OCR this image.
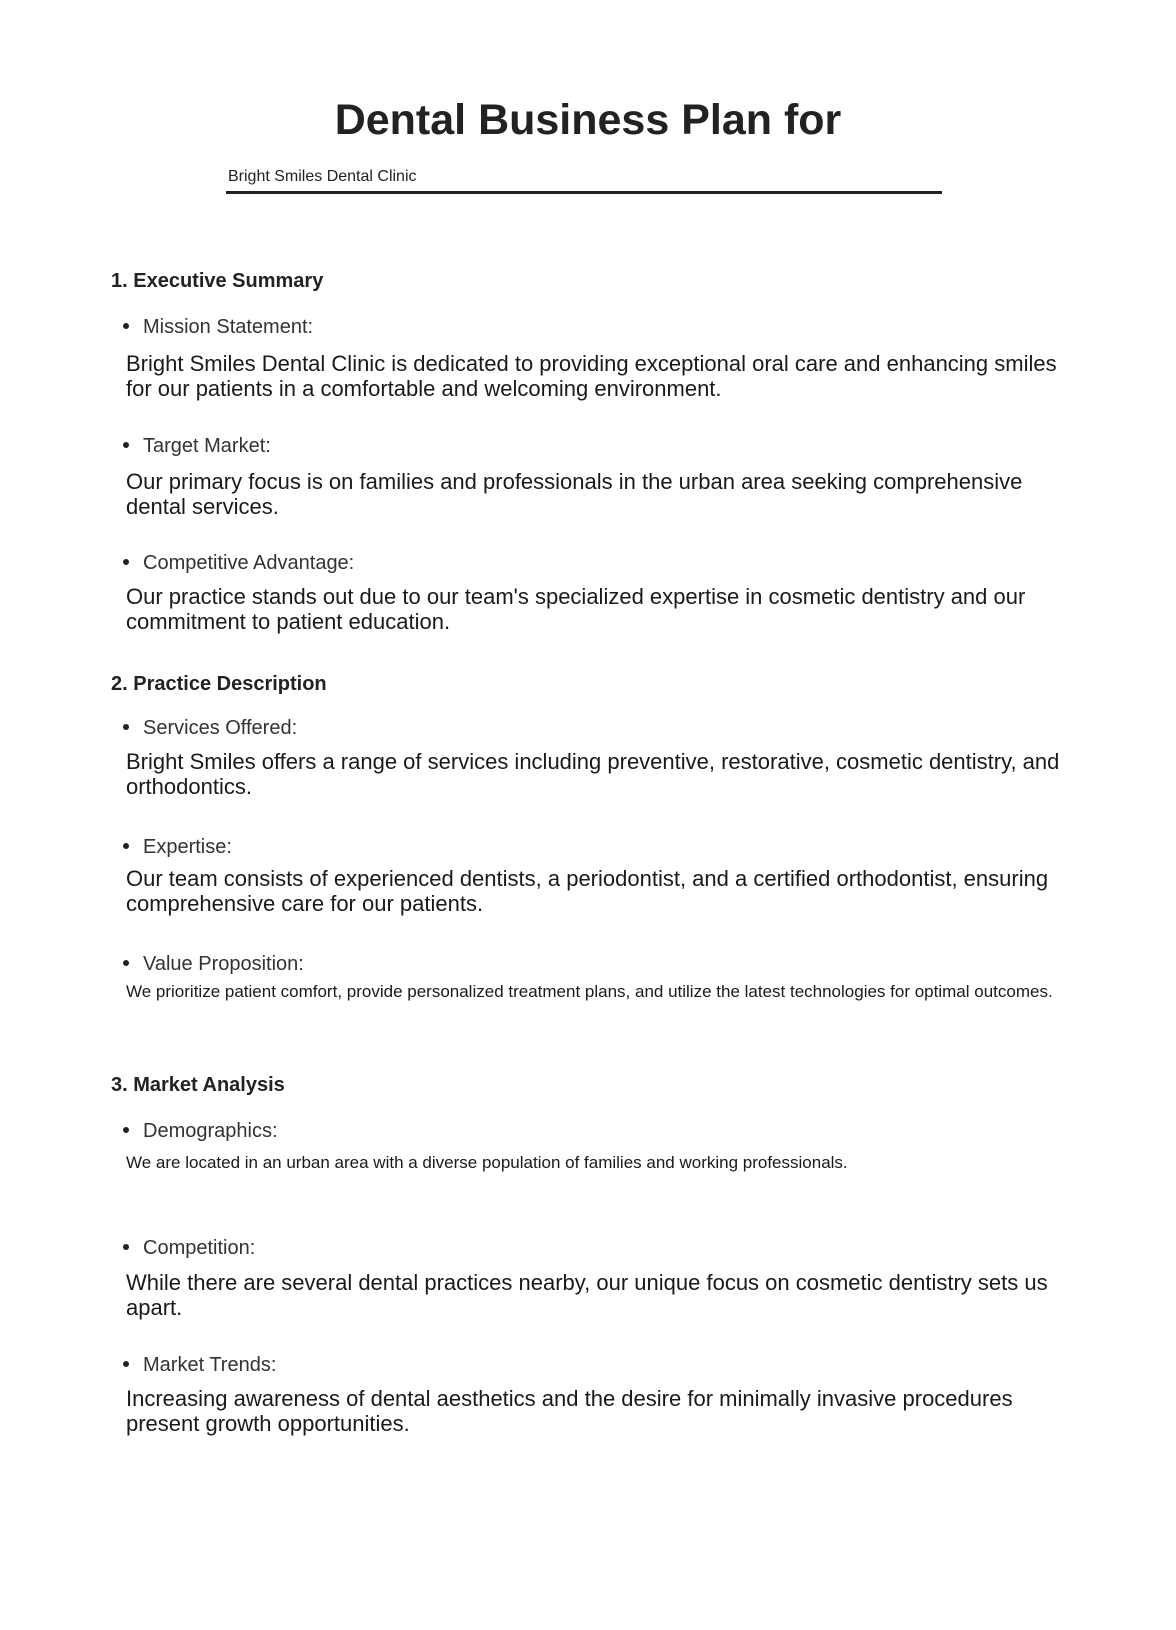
Dental Business Plan for
Bright Smiles Dental Clinic
1. Executive Summary
Mission Statement:
Bright Smiles Dental Clinic is dedicated to providing exceptional oral care and enhancing smiles for our patients in a comfortable and welcoming environment.
Target Market:
Our primary focus is on families and professionals in the urban area seeking comprehensive dental services.
Competitive Advantage:
Our practice stands out due to our team's specialized expertise in cosmetic dentistry and our commitment to patient education.
2. Practice Description
Services Offered:
Bright Smiles offers a range of services including preventive, restorative, cosmetic dentistry, and orthodontics.
Expertise:
Our team consists of experienced dentists, a periodontist, and a certified orthodontist, ensuring comprehensive care for our patients.
Value Proposition:
We prioritize patient comfort, provide personalized treatment plans, and utilize the latest technologies for optimal outcomes.
3. Market Analysis
Demographics:
We are located in an urban area with a diverse population of families and working professionals.
Competition:
While there are several dental practices nearby, our unique focus on cosmetic dentistry sets us apart.
Market Trends:
Increasing awareness of dental aesthetics and the desire for minimally invasive procedures present growth opportunities.
